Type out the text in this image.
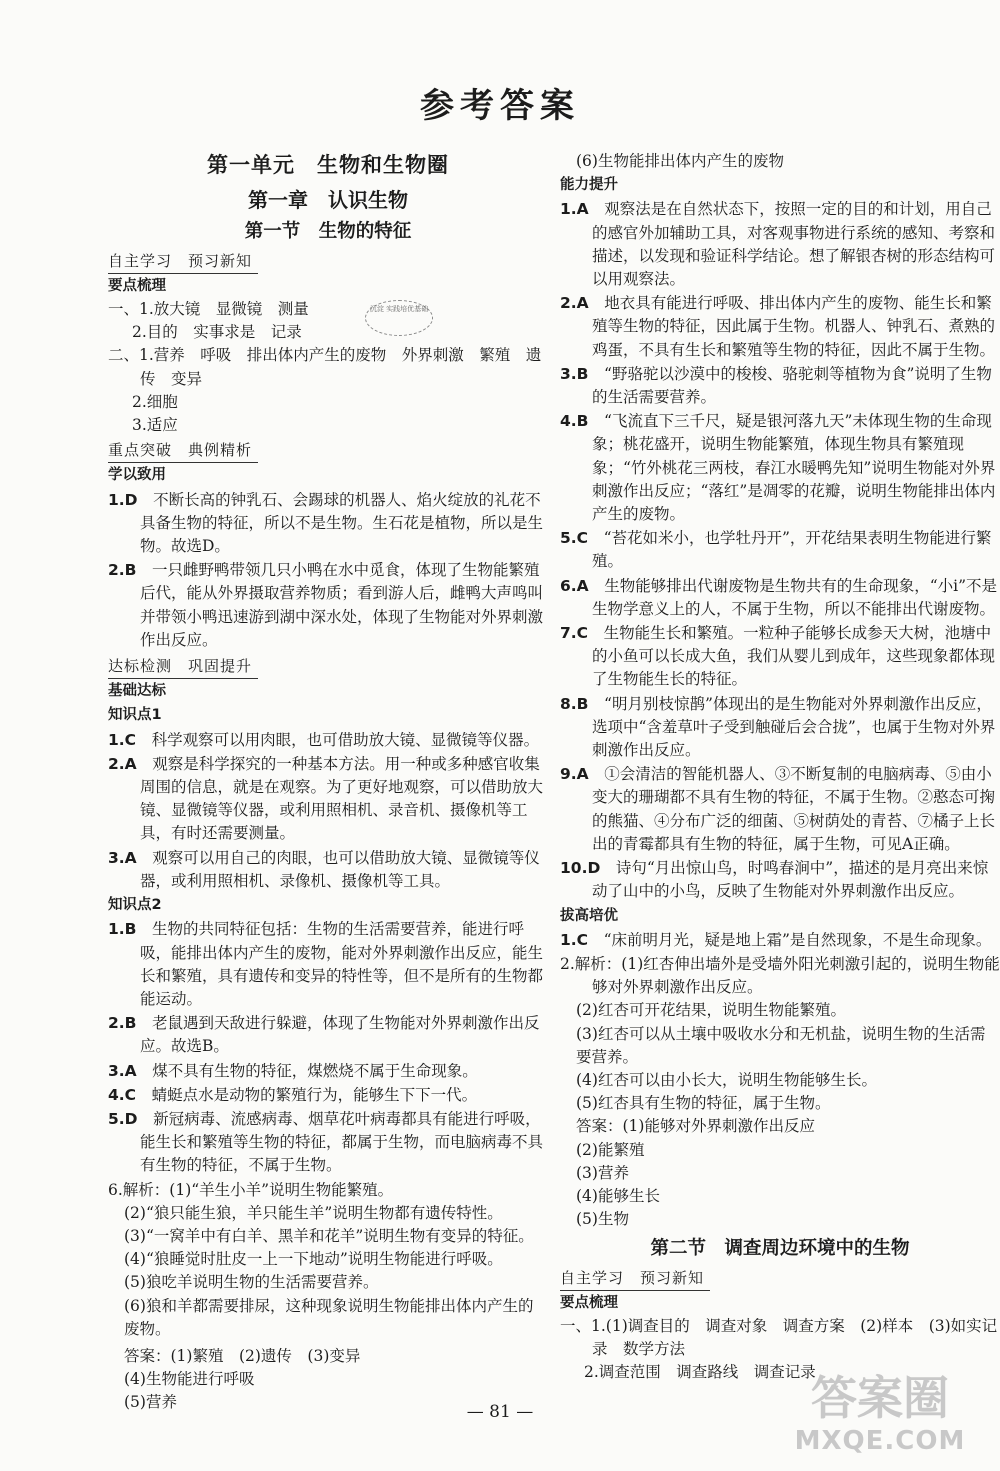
参考答案
第一单元　生物和生物圈
第一章　认识生物
第一节　生物的特征
自主学习　预习新知
要点梳理
一、1.放大镜　显微镜　测量
2.目的　实事求是　记录
二、1.营养　呼吸　排出体内产生的废物　外界刺激　繁殖　遗传　变异
2.细胞
3.适应
重点突破　典例精析
学以致用
1.D　 不断长高的钟乳石、会踢球的机器人、焰火绽放的礼花不具备生物的特征，所以不是生物。生石花是植物，所以是生物。故选D。
2.B　 一只雌野鸭带领几只小鸭在水中觅食，体现了生物能繁殖后代，能从外界摄取营养物质；看到游人后，雌鸭大声鸣叫并带领小鸭迅速游到湖中深水处，体现了生物能对外界刺激作出反应。
达标检测　巩固提升
基础达标
知识点1
1.C　 科学观察可以用肉眼，也可借助放大镜、显微镜等仪器。
2.A　 观察是科学探究的一种基本方法。用一种或多种感官收集周围的信息，就是在观察。为了更好地观察，可以借助放大镜、显微镜等仪器，或利用照相机、录音机、摄像机等工具，有时还需要测量。
3.A　 观察可以用自己的肉眼，也可以借助放大镜、显微镜等仪器，或利用照相机、录像机、摄像机等工具。
知识点2
1.B　 生物的共同特征包括：生物的生活需要营养，能进行呼吸，能排出体内产生的废物，能对外界刺激作出反应，能生长和繁殖，具有遗传和变异的特性等，但不是所有的生物都能运动。
2.B　 老鼠遇到天敌进行躲避，体现了生物能对外界刺激作出反应。故选B。
3.A　 煤不具有生物的特征，煤燃烧不属于生命现象。
4.C　 蜻蜓点水是动物的繁殖行为，能够生下下一代。
5.D　 新冠病毒、流感病毒、烟草花叶病毒都具有能进行呼吸，能生长和繁殖等生物的特征，都属于生物，而电脑病毒不具有生物的特征，不属于生物。
6.解析：(1)“羊生小羊”说明生物能繁殖。
(2)“狼只能生狼，羊只能生羊”说明生物都有遗传特性。
(3)“一窝羊中有白羊、黑羊和花羊”说明生物有变异的特征。
(4)“狼睡觉时肚皮一上一下地动”说明生物能进行呼吸。
(5)狼吃羊说明生物的生活需要营养。
(6)狼和羊都需要排尿，这种现象说明生物能排出体内产生的废物。
答案：(1)繁殖　(2)遗传　(3)变异
(4)生物能进行呼吸
(5)营养
沉淀 实践培优基础
(6)生物能排出体内产生的废物
能力提升
1.A　 观察法是在自然状态下，按照一定的目的和计划，用自己的感官外加辅助工具，对客观事物进行系统的感知、考察和描述，以发现和验证科学结论。想了解银杏树的形态结构可以用观察法。
2.A　 地衣具有能进行呼吸、排出体内产生的废物、能生长和繁殖等生物的特征，因此属于生物。机器人、钟乳石、煮熟的鸡蛋，不具有生长和繁殖等生物的特征，因此不属于生物。
3.B　 “野骆驼以沙漠中的梭梭、骆驼刺等植物为食”说明了生物的生活需要营养。
4.B　 “飞流直下三千尺，疑是银河落九天”未体现生物的生命现象；桃花盛开，说明生物能繁殖，体现生物具有繁殖现象；“竹外桃花三两枝，春江水暖鸭先知”说明生物能对外界刺激作出反应；“落红”是凋零的花瓣，说明生物能排出体内产生的废物。
5.C　 “苔花如米小，也学牡丹开”，开花结果表明生物能进行繁殖。
6.A　 生物能够排出代谢废物是生物共有的生命现象，“小i”不是生物学意义上的人，不属于生物，所以不能排出代谢废物。
7.C　 生物能生长和繁殖。一粒种子能够长成参天大树，池塘中的小鱼可以长成大鱼，我们从婴儿到成年，这些现象都体现了生物能生长的特征。
8.B　 “明月别枝惊鹊”体现出的是生物能对外界刺激作出反应，选项中“含羞草叶子受到触碰后会合拢”，也属于生物对外界刺激作出反应。
9.A　 ①会清洁的智能机器人、③不断复制的电脑病毒、⑤由小变大的珊瑚都不具有生物的特征，不属于生物。②憨态可掬的熊猫、④分布广泛的细菌、⑤树荫处的青苔、⑦橘子上长出的青霉都具有生物的特征，属于生物，可见A正确。
10.D　 诗句“月出惊山鸟，时鸣春涧中”，描述的是月亮出来惊动了山中的小鸟，反映了生物能对外界刺激作出反应。
拔高培优
1.C　 “床前明月光，疑是地上霜”是自然现象，不是生命现象。
2.解析：(1)红杏伸出墙外是受墙外阳光刺激引起的，说明生物能够对外界刺激作出反应。
(2)红杏可开花结果，说明生物能繁殖。
(3)红杏可以从土壤中吸收水分和无机盐，说明生物的生活需要营养。
(4)红杏可以由小长大，说明生物能够生长。
(5)红杏具有生物的特征，属于生物。
答案：(1)能够对外界刺激作出反应
(2)能繁殖
(3)营养
(4)能够生长
(5)生物
第二节　调查周边环境中的生物
自主学习　预习新知
要点梳理
一、1.(1)调查目的　调查对象　调查方案　(2)样本　(3)如实记录　数学方法
2.调查范围　调查路线　调查记录
— 81 —	答案圈
MXQE.COM
